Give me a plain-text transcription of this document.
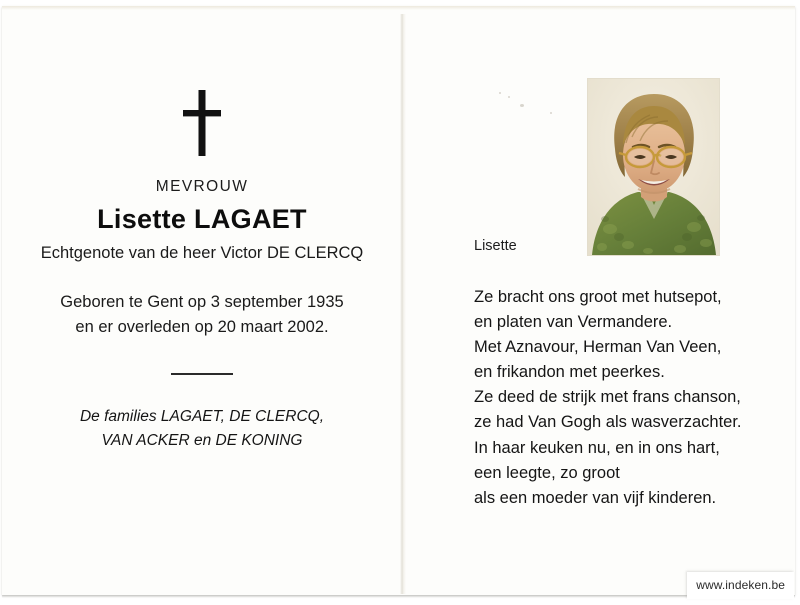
MEVROUW
Lisette LAGAET
Echtgenote van de heer Victor DE CLERCQ
Geboren te Gent op 3 september 1935
en er overleden op 20 maart 2002.
De families LAGAET, DE CLERCQ,
VAN ACKER en DE KONING
Lisette
Ze bracht ons groot met hutsepot,
en platen van Vermandere.
Met Aznavour, Herman Van Veen,
en frikandon met peerkes.
Ze deed de strijk met frans chanson,
ze had Van Gogh als wasverzachter.
In haar keuken nu, en in ons hart,
een leegte, zo groot
als een moeder van vijf kinderen.
www.indeken.be
